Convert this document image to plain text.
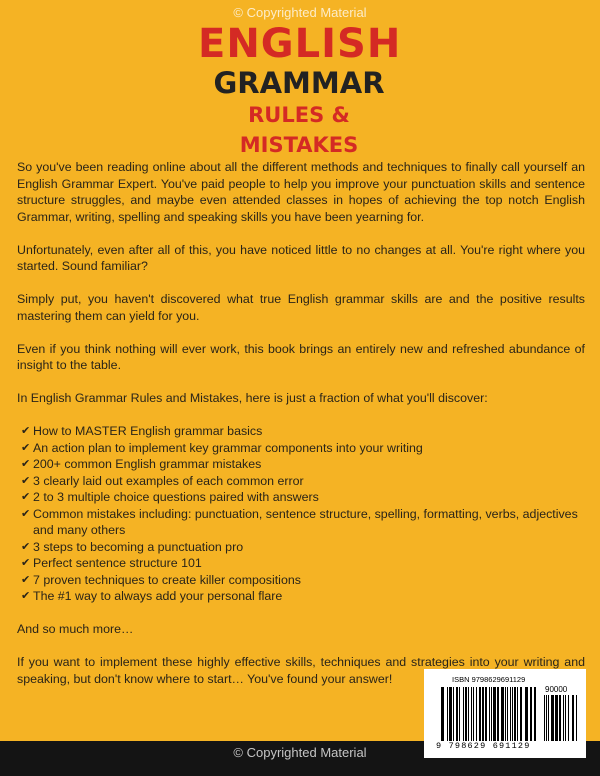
© Copyrighted Material
ENGLISH
GRAMMAR
RULES & MISTAKES

So you've been reading online about all the different methods and techniques to finally call yourself an English Grammar Expert. You've paid people to help you improve your punctuation skills and sentence structure struggles, and maybe even attended classes in hopes of achieving the top notch English Grammar, writing, spelling and speaking skills you have been yearning for.

Unfortunately, even after all of this, you have noticed little to no changes at all. You're right where you started. Sound familiar?

Simply put, you haven't discovered what true English grammar skills are and the positive results mastering them can yield for you.

Even if you think nothing will ever work, this book brings an entirely new and refreshed abundance of insight to the table.

In English Grammar Rules and Mistakes, here is just a fraction of what you'll discover:

✔ How to MASTER English grammar basics
✔ An action plan to implement key grammar components into your writing
✔ 200+ common English grammar mistakes
✔ 3 clearly laid out examples of each common error
✔ 2 to 3 multiple choice questions paired with answers
✔ Common mistakes including: punctuation, sentence structure, spelling, formatting, verbs, adjectives and many others
✔ 3 steps to becoming a punctuation pro
✔ Perfect sentence structure 101
✔ 7 proven techniques to create killer compositions
✔ The #1 way to always add your personal flare

And so much more…

If you want to implement these highly effective skills, techniques and strategies into your writing and speaking, but don't know where to start… You've found your answer!	ISBN 9798629691129
90000
9 798629 691129
© Copyrighted Material
